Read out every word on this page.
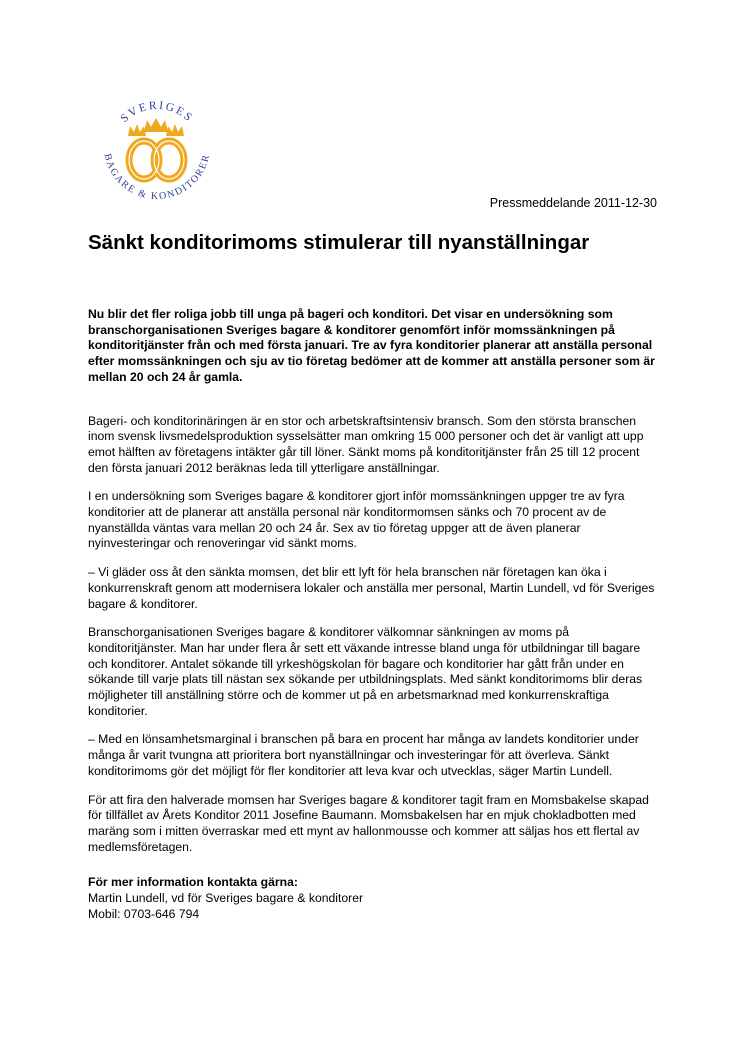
SVERIGES
BAGARE & KONDITORER

Pressmeddelande 2011-12-30

Sänkt konditorimoms stimulerar till nyanställningar

Nu blir det fler roliga jobb till unga på bageri och konditori. Det visar en undersökning som branschorganisationen Sveriges bagare & konditorer genomfört inför momssänkningen på konditoritjänster från och med första januari. Tre av fyra konditorier planerar att anställa personal efter momssänkningen och sju av tio företag bedömer att de kommer att anställa personer som är mellan 20 och 24 år gamla.

Bageri- och konditorinäringen är en stor och arbetskraftsintensiv bransch. Som den största branschen inom svensk livsmedelsproduktion sysselsätter man omkring 15 000 personer och det är vanligt att upp emot hälften av företagens intäkter går till löner. Sänkt moms på konditoritjänster från 25 till 12 procent den första januari 2012 beräknas leda till ytterligare anställningar.

I en undersökning som Sveriges bagare & konditorer gjort inför momssänkningen uppger tre av fyra konditorier att de planerar att anställa personal när konditormomsen sänks och 70 procent av de nyanställda väntas vara mellan 20 och 24 år. Sex av tio företag uppger att de även planerar nyinvesteringar och renoveringar vid sänkt moms.

– Vi gläder oss åt den sänkta momsen, det blir ett lyft för hela branschen när företagen kan öka i konkurrenskraft genom att modernisera lokaler och anställa mer personal, Martin Lundell, vd för Sveriges bagare & konditorer.

Branschorganisationen Sveriges bagare & konditorer välkomnar sänkningen av moms på konditoritjänster. Man har under flera år sett ett växande intresse bland unga för utbildningar till bagare och konditorer. Antalet sökande till yrkeshögskolan för bagare och konditorier har gått från under en sökande till varje plats till nästan sex sökande per utbildningsplats. Med sänkt konditorimoms blir deras möjligheter till anställning större och de kommer ut på en arbetsmarknad med konkurrenskraftiga konditorier.

– Med en lönsamhetsmarginal i branschen på bara en procent har många av landets konditorier under många år varit tvungna att prioritera bort nyanställningar och investeringar för att överleva. Sänkt konditorimoms gör det möjligt för fler konditorier att leva kvar och utvecklas, säger Martin Lundell.

För att fira den halverade momsen har Sveriges bagare & konditorer tagit fram en Momsbakelse skapad för tillfället av Årets Konditor 2011 Josefine Baumann. Momsbakelsen har en mjuk chokladbotten med maräng som i mitten överraskar med ett mynt av hallonmousse och kommer att säljas hos ett flertal av medlemsföretagen.

För mer information kontakta gärna:
Martin Lundell, vd för Sveriges bagare & konditorer
Mobil: 0703-646 794
